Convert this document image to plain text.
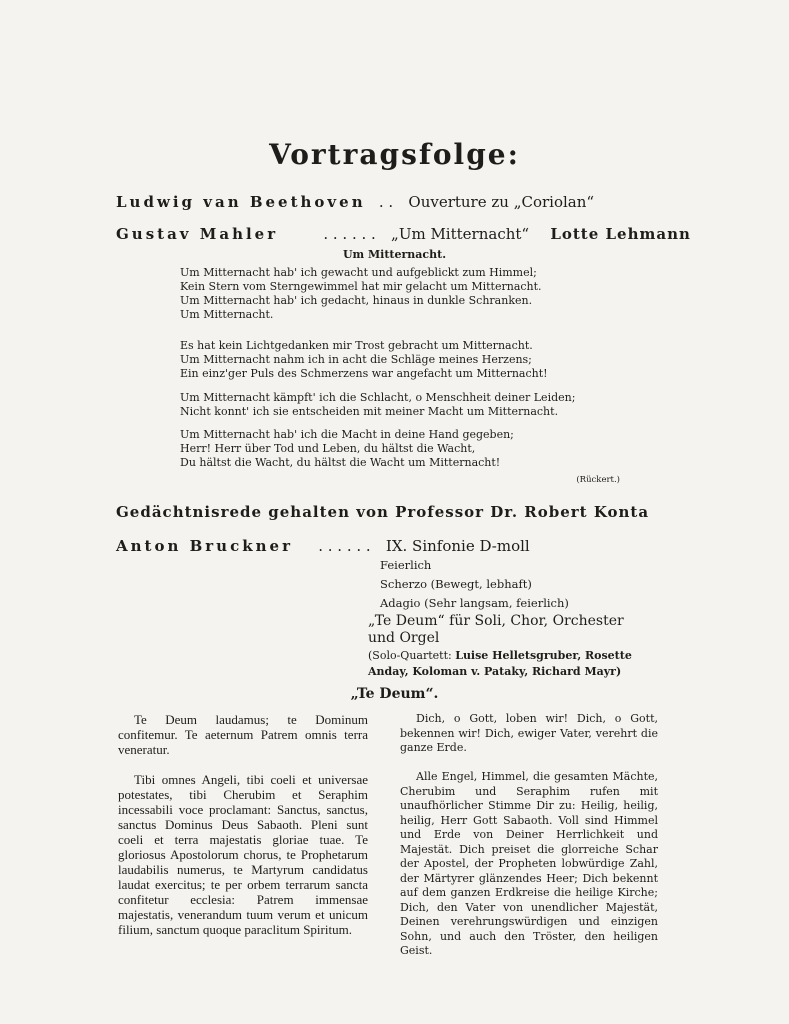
Vortragsfolge:
Ludwig van Beethoven . . Ouverture zu „Coriolan“
Gustav Mahler	. . . . . . „Um Mitternacht“ Lotte Lehmann
Um Mitternacht.
Um Mitternacht hab' ich gewacht und aufgeblickt zum Himmel;
Kein Stern vom Sterngewimmel hat mir gelacht um Mitternacht.
Um Mitternacht hab' ich gedacht, hinaus in dunkle Schranken.
Um Mitternacht.
Es hat kein Lichtgedanken mir Trost gebracht um Mitternacht.
Um Mitternacht nahm ich in acht die Schläge meines Herzens;
Ein einz'ger Puls des Schmerzens war angefacht um Mitternacht!
Um Mitternacht kämpft' ich die Schlacht, o Menschheit deiner Leiden;
Nicht konnt' ich sie entscheiden mit meiner Macht um Mitternacht.
Um Mitternacht hab' ich die Macht in deine Hand gegeben;
Herr! Herr über Tod und Leben, du hältst die Wacht,
Du hältst die Wacht, du hältst die Wacht um Mitternacht!
(Rückert.)
Gedächtnisrede gehalten von Professor Dr. Robert Konta
Anton Bruckner . . . . . . IX. Sinfonie D-moll
Feierlich
Scherzo (Bewegt, lebhaft)
Adagio (Sehr langsam, feierlich)
„Te Deum“ für Soli, Chor, Orchester
und Orgel
(Solo-Quartett: Luise Helletsgruber, Rosette
Anday, Koloman v. Pataky, Richard Mayr)
„Te Deum“.

Te Deum laudamus; te Dominum confitemur. Te aeternum Patrem omnis terra veneratur.

Tibi omnes Angeli, tibi coeli et universae potestates, tibi Cherubim et Seraphim incessabili voce proclamant: Sanctus, sanctus, sanctus Dominus Deus Sabaoth. Pleni sunt coeli et terra majestatis gloriae tuae. Te gloriosus Apostolorum chorus, te Prophetarum laudabilis numerus, te Martyrum candidatus laudat exercitus; te per orbem terrarum sancta confitetur ecclesia: Patrem immensae majestatis, venerandum tuum verum et unicum filium, sanctum quoque paraclitum Spiritum.

Dich, o Gott, loben wir! Dich, o Gott, bekennen wir! Dich, ewiger Vater, verehrt die ganze Erde.

Alle Engel, Himmel, die gesamten Mächte, Cherubim und Seraphim rufen mit unaufhörlicher Stimme Dir zu: Heilig, heilig, heilig, Herr Gott Sabaoth. Voll sind Himmel und Erde von Deiner Herrlichkeit und Majestät. Dich preiset die glorreiche Schar der Apostel, der Propheten lobwürdige Zahl, der Märtyrer glänzendes Heer; Dich bekennt auf dem ganzen Erdkreise die heilige Kirche; Dich, den Vater von unendlicher Majestät, Deinen verehrungswürdigen und einzigen Sohn, und auch den Tröster, den heiligen Geist.
